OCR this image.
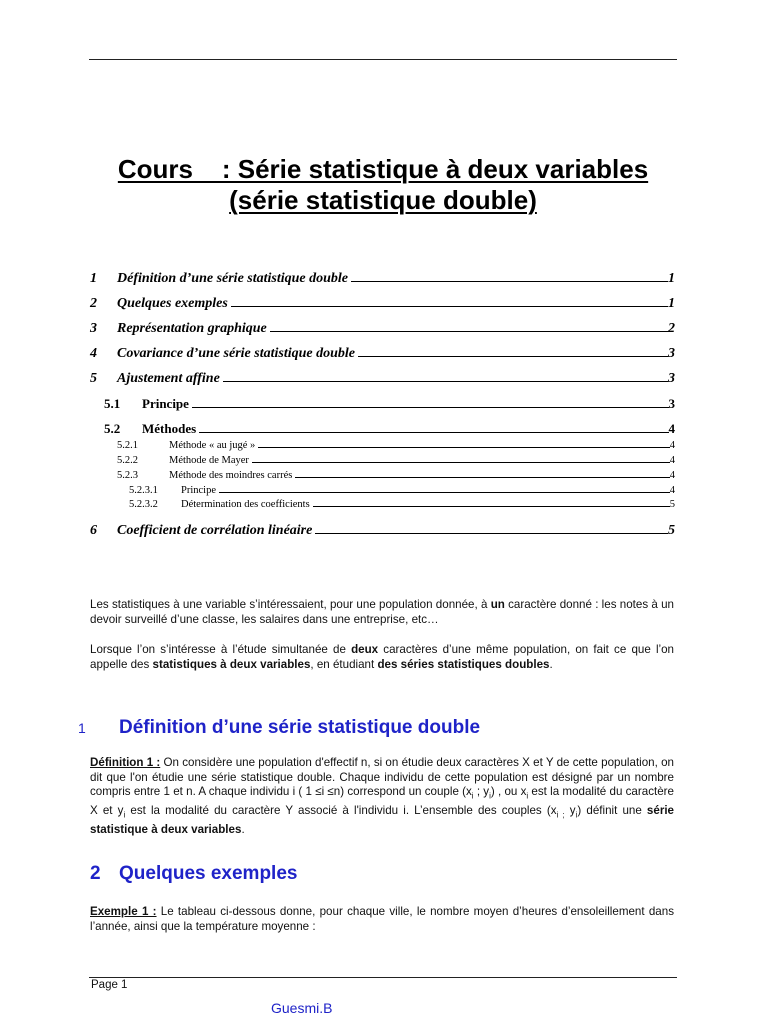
Cours    : Série statistique à deux variables
(série statistique double)
1	Définition d’une série statistique double	1
2	Quelques exemples	1
3	Représentation graphique	2
4	Covariance d’une série statistique double	3
5	Ajustement affine	3
5.1	Principe	3
5.2	Méthodes	4
5.2.1	Méthode « au jugé »	4
5.2.2	Méthode de Mayer	4
5.2.3	Méthode des moindres carrés	4
5.2.3.1	Principe	4
5.2.3.2	Détermination des coefficients	5
6	Coefficient de corrélation linéaire	5

Les statistiques à une variable s’intéressaient, pour une population donnée, à un caractère donné : les notes à un devoir surveillé d’une classe, les salaires dans une entreprise, etc…

Lorsque l’on s’intéresse à l’étude simultanée de deux caractères d’une même population, on fait ce que l’on appelle des statistiques à deux variables, en étudiant des séries statistiques doubles.

1 Définition d’une série statistique double

Définition 1 : On considère une population d'effectif n, si on étudie deux caractères X et Y de cette population, on dit que l'on étudie une série statistique double. Chaque individu de cette population est désigné par un nombre compris entre 1 et n. A chaque individu i ( 1 ≤i ≤n) correspond un couple ($x_i$ ; $y_i$) , ou $x_i$ est la modalité du caractère X et $y_i$ est la modalité du caractère Y associé à l'individu i. L’ensemble des couples ($x_{i ;}$ $y_i$) définit une série statistique à deux variables.

2 Quelques exemples

Exemple 1 : Le tableau ci-dessous donne, pour chaque ville, le nombre moyen d’heures d’ensoleillement dans l’année, ainsi que la température moyenne :

Page 1
Guesmi.B
